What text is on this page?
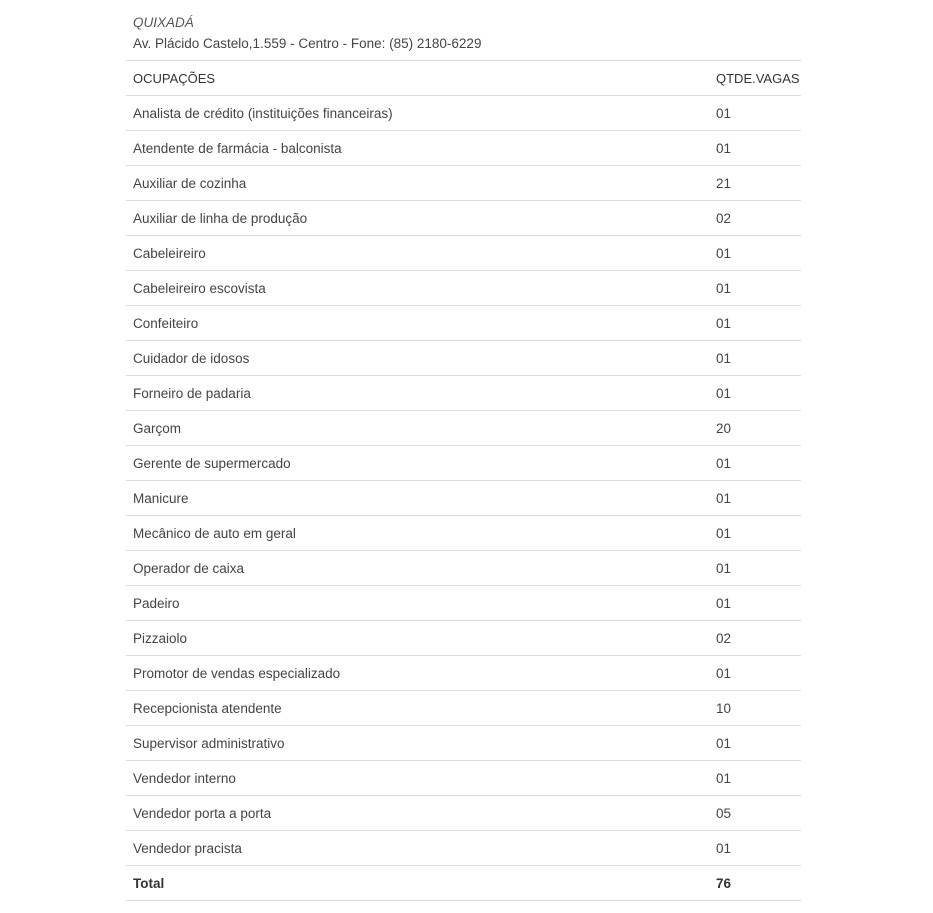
QUIXADÁ
Av. Plácido Castelo,1.559 - Centro - Fone: (85) 2180-6229
OCUPAÇÕES	QTDE.VAGAS
Analista de crédito (instituições financeiras)	01
Atendente de farmácia - balconista	01
Auxiliar de cozinha	21
Auxiliar de linha de produção	02
Cabeleireiro	01
Cabeleireiro escovista	01
Confeiteiro	01
Cuidador de idosos	01
Forneiro de padaria	01
Garçom	20
Gerente de supermercado	01
Manicure	01
Mecânico de auto em geral	01
Operador de caixa	01
Padeiro	01
Pizzaiolo	02
Promotor de vendas especializado	01
Recepcionista atendente	10
Supervisor administrativo	01
Vendedor interno	01
Vendedor porta a porta	05
Vendedor pracista	01
Total	76
